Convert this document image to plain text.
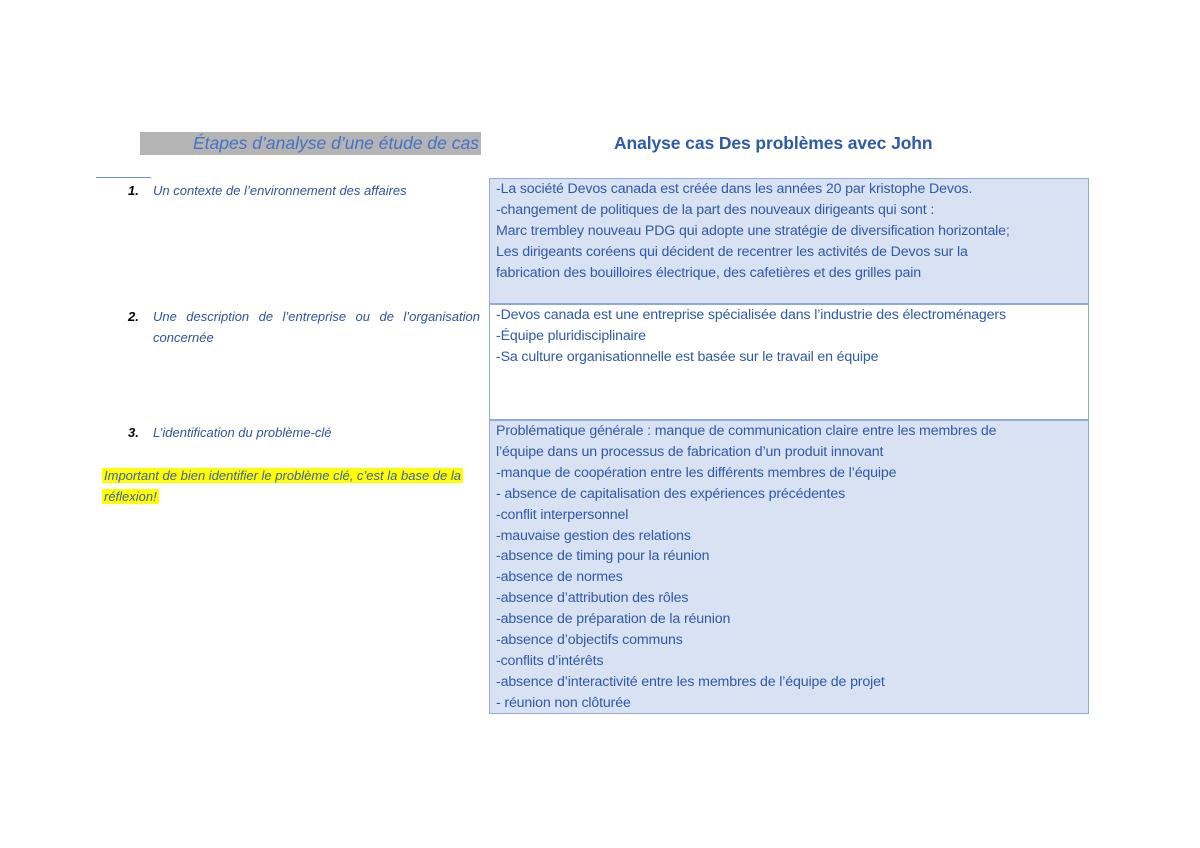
Étapes d’analyse d’une étude de cas	Analyse cas Des problèmes avec John
1. Un contexte de l’environnement des affaires
2. Une description de l’entreprise ou de l’organisation concernée
3. L’identification du problème-clé
Important de bien identifier le problème clé, c’est la base de la réflexion!
-La société Devos canada est créée dans les années 20 par kristophe Devos.
-changement de politiques de la part des nouveaux dirigeants qui sont :
Marc trembley nouveau PDG qui adopte une stratégie de diversification horizontale;
Les dirigeants coréens qui décident de recentrer les activités de Devos sur la
fabrication des bouilloires électrique, des cafetières et des grilles pain
-Devos canada est une entreprise spécialisée dans l’industrie des électroménagers
-Équipe pluridisciplinaire
-Sa culture organisationnelle est basée sur le travail en équipe
Problématique générale : manque de communication claire entre les membres de
l’équipe dans un processus de fabrication d’un produit innovant
-manque de coopération entre les différents membres de l’équipe
- absence de capitalisation des expériences précédentes
-conflit interpersonnel
-mauvaise gestion des relations
-absence de timing pour la réunion
-absence de normes
-absence d’attribution des rôles
-absence de préparation de la réunion
-absence d’objectifs communs
-conflits d’intérêts
-absence d’interactivité entre les membres de l’équipe de projet
- réunion non clôturée
